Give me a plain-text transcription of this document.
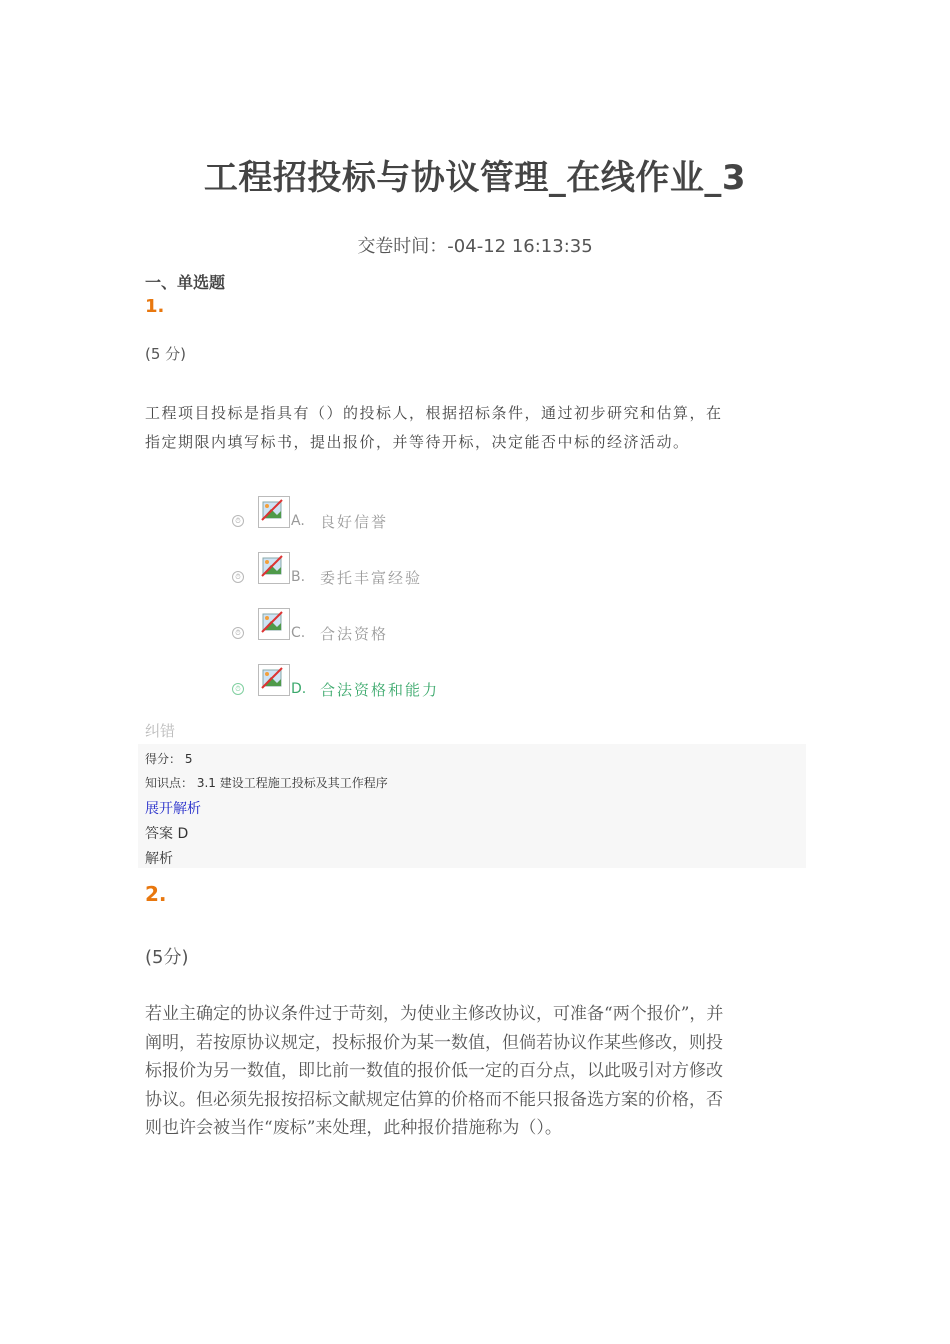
工程招投标与协议管理_在线作业_3
交卷时间：-04-12 16:13:35
一、单选题
1.
(5 分)
工程项目投标是指具有（）的投标人，根据招标条件，通过初步研究和估算，在指定期限内填写标书，提出报价，并等待开标，决定能否中标的经济活动。
⏱	A. 良好信誉
⏱	B. 委托丰富经验
⏱	C. 合法资格
⏱	D. 合法资格和能力
纠错
得分： 5
知识点： 3.1 建设工程施工投标及其工作程序
展开解析
答案 D
解析
2.
(5分)
若业主确定的协议条件过于苛刻，为使业主修改协议，可准备“两个报价”，并阐明，若按原协议规定，投标报价为某一数值，但倘若协议作某些修改，则投标报价为另一数值，即比前一数值的报价低一定的百分点，以此吸引对方修改协议。但必须先报按招标文献规定估算的价格而不能只报备选方案的价格，否则也许会被当作“废标”来处理，此种报价措施称为（）。
